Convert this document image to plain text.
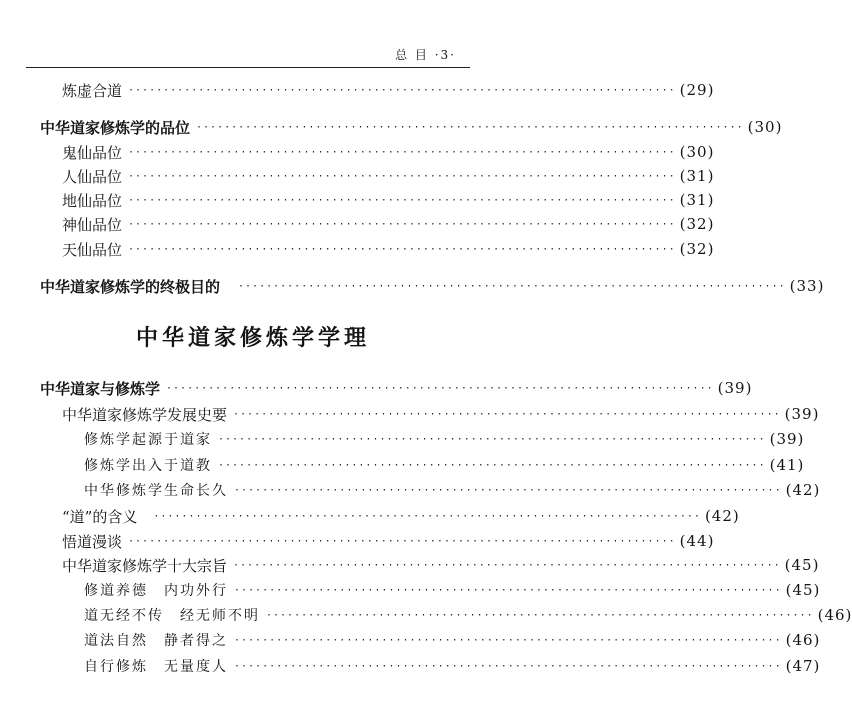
总 目 ·3·
炼虚合道 ·············································································· (29)
中华道家修炼学的品位 ·············································································· (30)
鬼仙品位 ·············································································· (30)
人仙品位 ·············································································· (31)
地仙品位 ·············································································· (31)
神仙品位 ·············································································· (32)
天仙品位 ·············································································· (32)
中华道家修炼学的终极目的	·············································································· (33)
中华道家修炼学学理
中华道家与修炼学 ·············································································· (39)
中华道家修炼学发展史要 ·············································································· (39)
修炼学起源于道家 ·············································································· (39)
修炼学出入于道教 ·············································································· (41)
中华修炼学生命长久 ·············································································· (42)
“道”的含义	·············································································· (42)
悟道漫谈 ·············································································· (44)
中华道家修炼学十大宗旨 ·············································································· (45)
修道养德　内功外行 ·············································································· (45)
道无经不传　经无师不明 ·············································································· (46)
道法自然　静者得之 ·············································································· (46)
自行修炼　无量度人 ·············································································· (47)
